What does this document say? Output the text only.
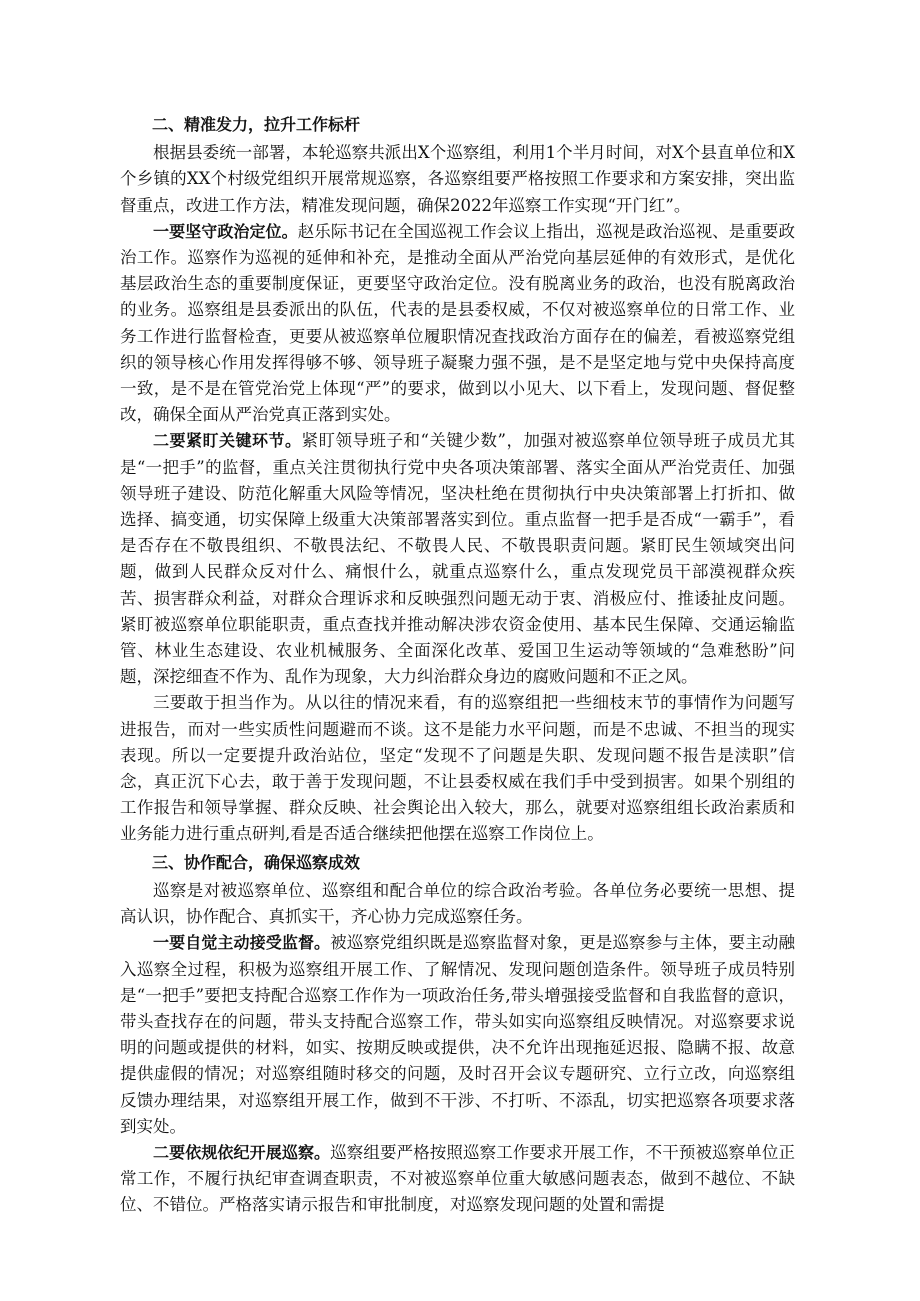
二、精准发力，拉升工作标杆

根据县委统一部署，本轮巡察共派出X个巡察组，利用1个半月时间，对X个县直单位和X个乡镇的XX个村级党组织开展常规巡察，各巡察组要严格按照工作要求和方案安排，突出监督重点，改进工作方法，精准发现问题，确保2022年巡察工作实现“开门红”。

一要坚守政治定位。赵乐际书记在全国巡视工作会议上指出，巡视是政治巡视、是重要政治工作。巡察作为巡视的延伸和补充，是推动全面从严治党向基层延伸的有效形式，是优化基层政治生态的重要制度保证，更要坚守政治定位。没有脱离业务的政治，也没有脱离政治的业务。巡察组是县委派出的队伍，代表的是县委权威，不仅对被巡察单位的日常工作、业务工作进行监督检查，更要从被巡察单位履职情况查找政治方面存在的偏差，看被巡察党组织的领导核心作用发挥得够不够、领导班子凝聚力强不强，是不是坚定地与党中央保持高度一致，是不是在管党治党上体现“严”的要求，做到以小见大、以下看上，发现问题、督促整改，确保全面从严治党真正落到实处。

二要紧盯关键环节。紧盯领导班子和“关键少数”，加强对被巡察单位领导班子成员尤其是“一把手”的监督，重点关注贯彻执行党中央各项决策部署、落实全面从严治党责任、加强领导班子建设、防范化解重大风险等情况，坚决杜绝在贯彻执行中央决策部署上打折扣、做选择、搞变通，切实保障上级重大决策部署落实到位。重点监督一把手是否成“一霸手”，看是否存在不敬畏组织、不敬畏法纪、不敬畏人民、不敬畏职责问题。紧盯民生领域突出问题，做到人民群众反对什么、痛恨什么，就重点巡察什么，重点发现党员干部漠视群众疾苦、损害群众利益，对群众合理诉求和反映强烈问题无动于衷、消极应付、推诿扯皮问题。紧盯被巡察单位职能职责，重点查找并推动解决涉农资金使用、基本民生保障、交通运输监管、林业生态建设、农业机械服务、全面深化改革、爱国卫生运动等领域的“急难愁盼”问题，深挖细查不作为、乱作为现象，大力纠治群众身边的腐败问题和不正之风。

三要敢于担当作为。从以往的情况来看，有的巡察组把一些细枝末节的事情作为问题写进报告，而对一些实质性问题避而不谈。这不是能力水平问题，而是不忠诚、不担当的现实表现。所以一定要提升政治站位，坚定“发现不了问题是失职、发现问题不报告是渎职”信念，真正沉下心去，敢于善于发现问题，不让县委权威在我们手中受到损害。如果个别组的工作报告和领导掌握、群众反映、社会舆论出入较大，那么，就要对巡察组组长政治素质和业务能力进行重点研判,看是否适合继续把他摆在巡察工作岗位上。

三、协作配合，确保巡察成效

巡察是对被巡察单位、巡察组和配合单位的综合政治考验。各单位务必要统一思想、提高认识，协作配合、真抓实干，齐心协力完成巡察任务。

一要自觉主动接受监督。被巡察党组织既是巡察监督对象，更是巡察参与主体，要主动融入巡察全过程，积极为巡察组开展工作、了解情况、发现问题创造条件。领导班子成员特别是“一把手”要把支持配合巡察工作作为一项政治任务,带头增强接受监督和自我监督的意识，带头查找存在的问题，带头支持配合巡察工作，带头如实向巡察组反映情况。对巡察要求说明的问题或提供的材料，如实、按期反映或提供，决不允许出现拖延迟报、隐瞒不报、故意提供虚假的情况；对巡察组随时移交的问题，及时召开会议专题研究、立行立改，向巡察组反馈办理结果，对巡察组开展工作，做到不干涉、不打听、不添乱，切实把巡察各项要求落到实处。

二要依规依纪开展巡察。巡察组要严格按照巡察工作要求开展工作，不干预被巡察单位正常工作，不履行执纪审查调查职责，不对被巡察单位重大敏感问题表态，做到不越位、不缺位、不错位。严格落实请示报告和审批制度，对巡察发现问题的处置和需提
